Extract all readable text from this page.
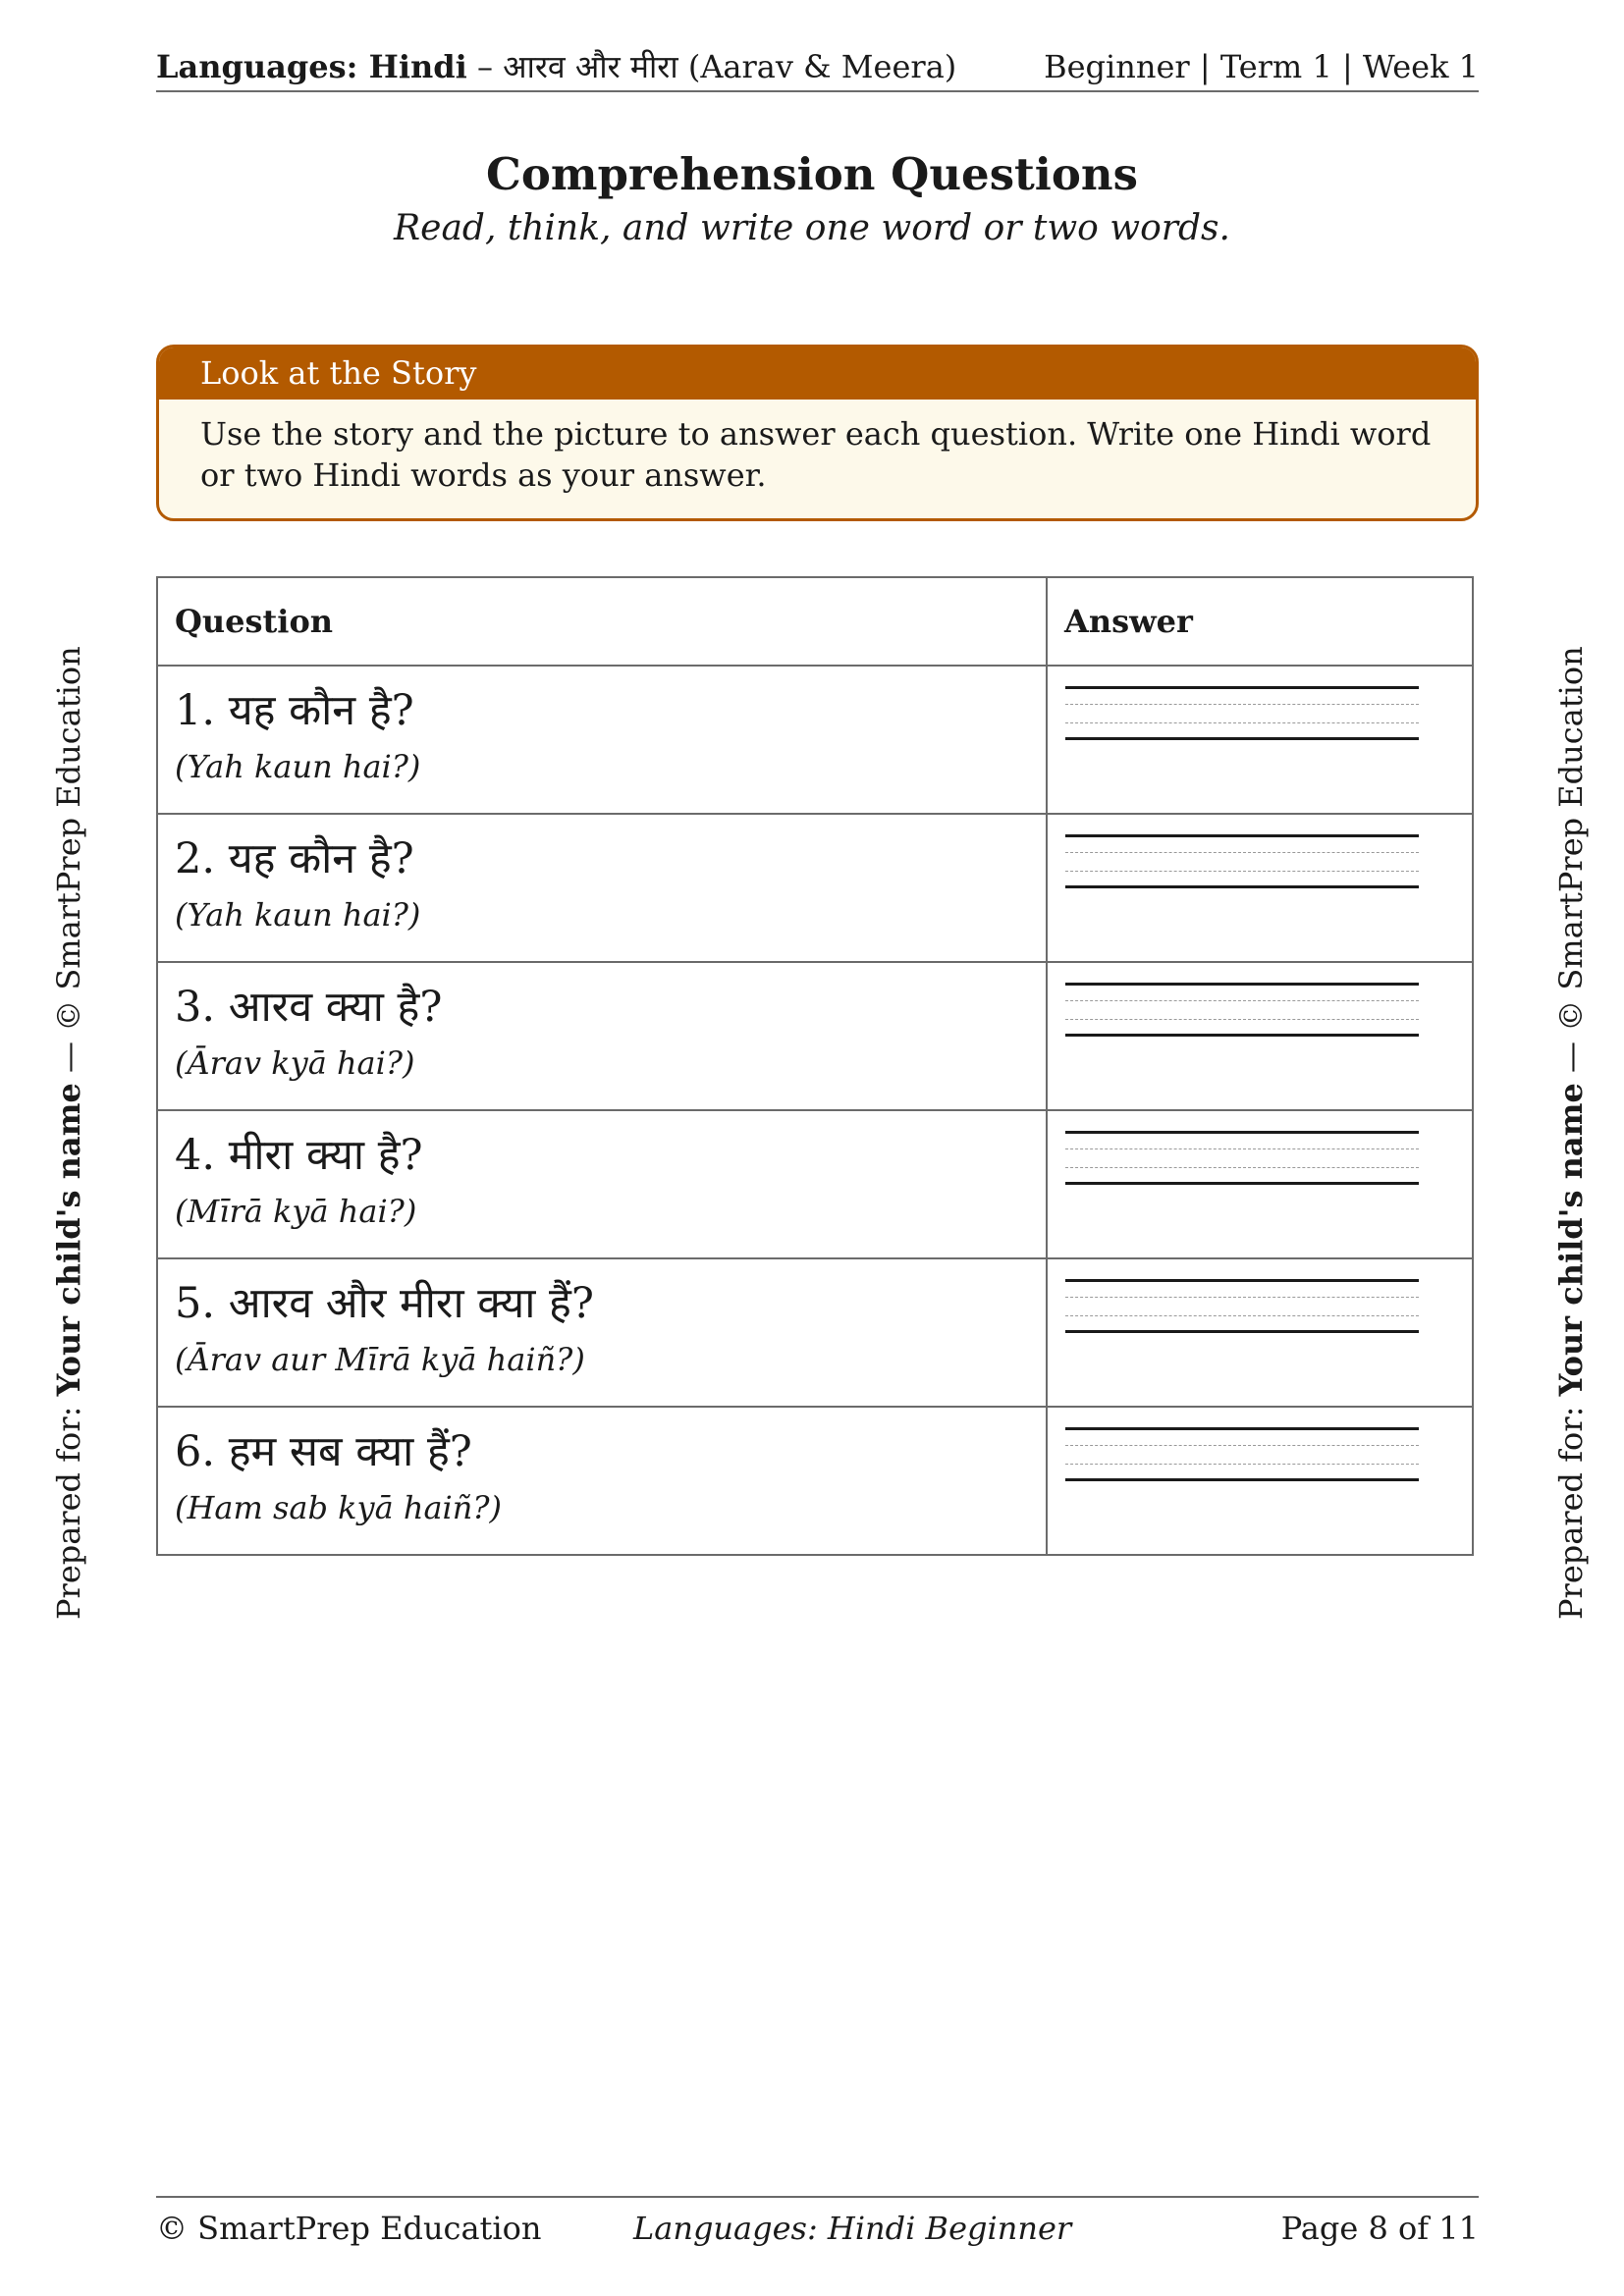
Languages: Hindi – आरव और मीरा (Aarav & Meera)	Beginner | Term 1 | Week 1
Comprehension Questions
Read, think, and write one word or two words.
Look at the Story
Use the story and the picture to answer each question. Write one Hindi word or two Hindi words as your answer.
Question	Answer

1. यह कौन है?
(Yah kaun hai?)	

2. यह कौन है?
(Yah kaun hai?)	

3. आरव क्या है?
(Ārav kyā hai?)	

4. मीरा क्या है?
(Mīrā kyā hai?)	

5. आरव और मीरा क्या हैं?
(Ārav aur Mīrā kyā haiñ?)	

6. हम सब क्या हैं?
(Ham sab kyā haiñ?)	

Prepared for: Your child's name — © SmartPrep Education
Prepared for: Your child's name — © SmartPrep Education
© SmartPrep Education	Languages: Hindi Beginner	Page 8 of 11
